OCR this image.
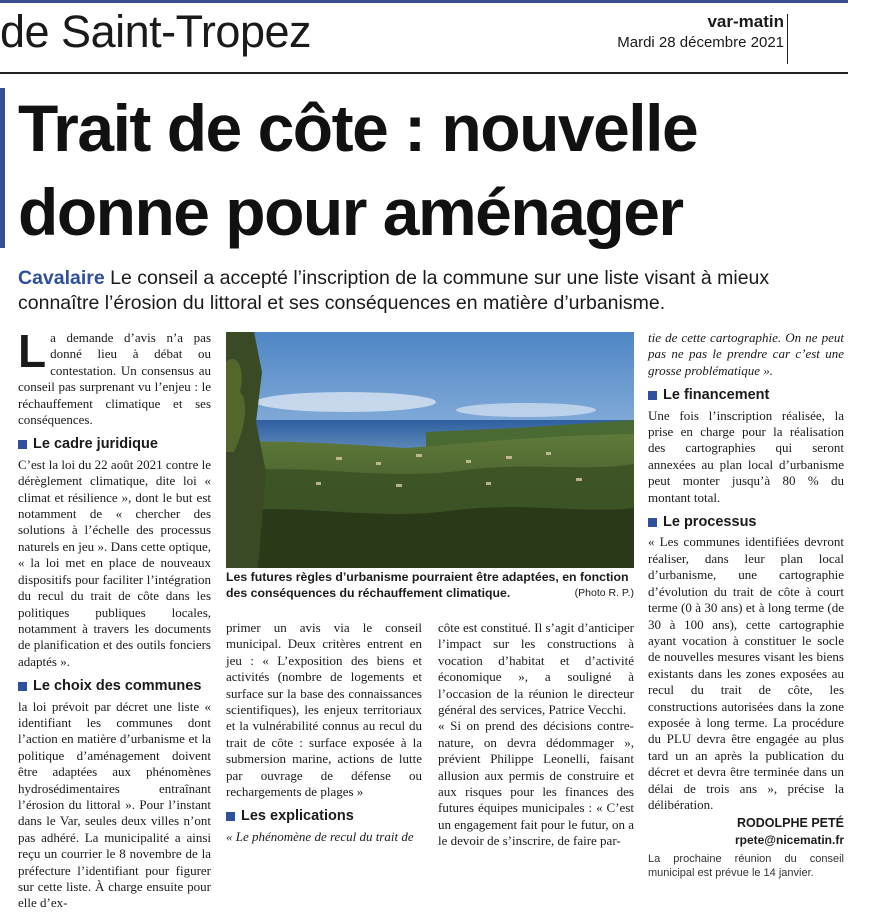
de Saint-Tropez	var-matin
Mardi 28 décembre 2021
Trait de côte : nouvelle donne pour aménager

Cavalaire Le conseil a accepté l’inscription de la commune sur une liste visant à mieux connaître l’érosion du littoral et ses conséquences en matière d’urbanisme.

La demande d’avis n’a pas donné lieu à débat ou contestation. Un consensus au conseil pas surprenant vu l’enjeu : le réchauffement climatique et ses conséquences.

Le cadre juridique

C’est la loi du 22 août 2021 contre le dérèglement climatique, dite loi « climat et résilience », dont le but est notamment de « chercher des solutions à l’échelle des processus naturels en jeu ». Dans cette optique, « la loi met en place de nouveaux dispositifs pour faciliter l’intégration du recul du trait de côte dans les politiques publiques locales, notamment à travers les documents de planification et des outils fonciers adaptés ».

Le choix des communes

la loi prévoit par décret une liste « identifiant les communes dont l’action en matière d’urbanisme et la politique d’aménagement doivent être adaptées aux phénomènes hydrosédimentaires entraînant l’érosion du littoral ». Pour l’instant dans le Var, seules deux villes n’ont pas adhéré. La municipalité a ainsi reçu un courrier le 8 novembre de la préfecture l’identifiant pour figurer sur cette liste. À charge ensuite pour elle d’ex-

Les futures règles d’urbanisme pourraient être adaptées, en fonction des conséquences du réchauffement climatique.	(Photo R. P.)

primer un avis via le conseil municipal. Deux critères entrent en jeu : « L’exposition des biens et activités (nombre de logements et surface sur la base des connaissances scientifiques), les enjeux territoriaux et la vulnérabilité connus au recul du trait de côte : surface exposée à la submersion marine, actions de lutte par ouvrage de défense ou rechargements de plages »

Les explications

« Le phénomène de recul du trait de

côte est constitué. Il s’agit d’anticiper l’impact sur les constructions à vocation d’habitat et d’activité économique », a souligné à l’occasion de la réunion le directeur général des services, Patrice Vecchi.

« Si on prend des décisions contre-nature, on devra dédommager », prévient Philippe Leonelli, faisant allusion aux permis de construire et aux risques pour les finances des futures équipes municipales : « C’est un engagement fait pour le futur, on a le devoir de s’inscrire, de faire par-

tie de cette cartographie. On ne peut pas ne pas le prendre car c’est une grosse problématique ».

Le financement

Une fois l’inscription réalisée, la prise en charge pour la réalisation des cartographies qui seront annexées au plan local d’urbanisme peut monter jusqu’à 80 % du montant total.

Le processus

« Les communes identifiées devront réaliser, dans leur plan local d’urbanisme, une cartographie d’évolution du trait de côte à court terme (0 à 30 ans) et à long terme (de 30 à 100 ans), cette cartographie ayant vocation à constituer le socle de nouvelles mesures visant les biens existants dans les zones exposées au recul du trait de côte, les constructions autorisées dans la zone exposée à long terme. La procédure du PLU devra être engagée au plus tard un an après la publication du décret et devra être terminée dans un délai de trois ans », précise la délibération.

RODOLPHE PETÉ
rpete@nicematin.fr
La prochaine réunion du conseil municipal est prévue le 14 janvier.
